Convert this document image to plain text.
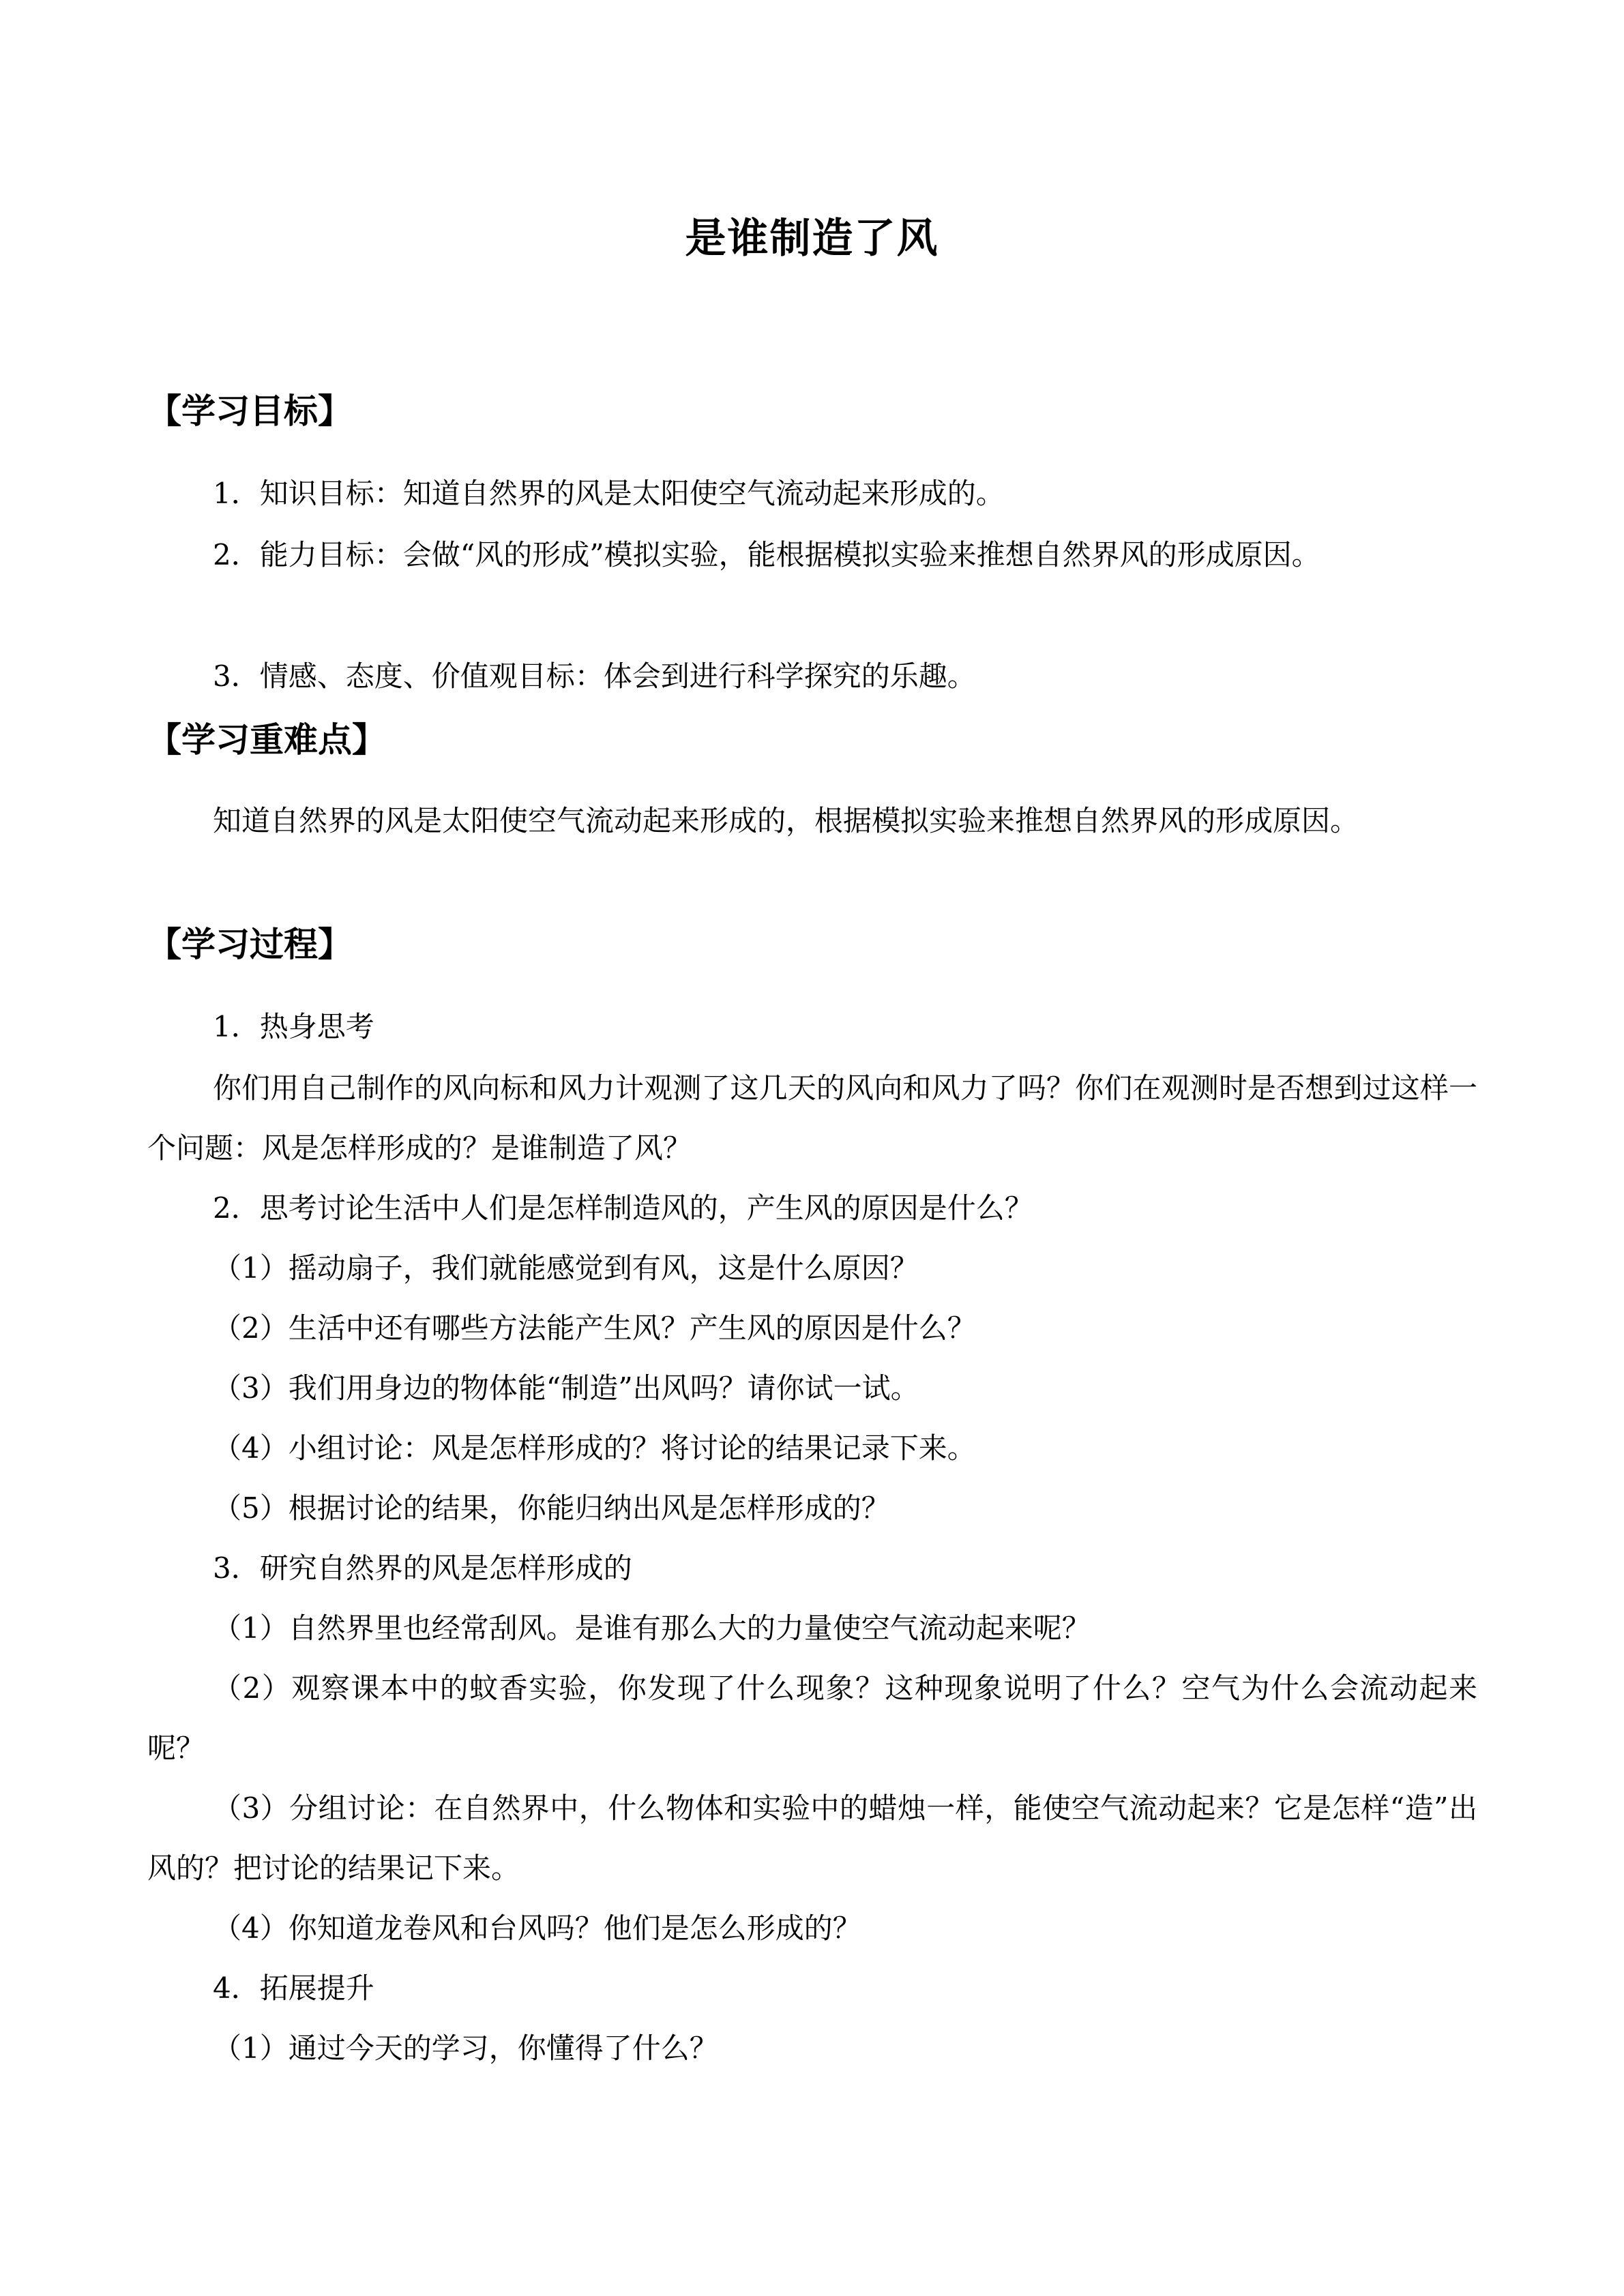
是谁制造了风
【学习目标】
1．知识目标：知道自然界的风是太阳使空气流动起来形成的。
2．能力目标：会做“风的形成”模拟实验，能根据模拟实验来推想自然界风的形成原因。
3．情感、态度、价值观目标：体会到进行科学探究的乐趣。
【学习重难点】
知道自然界的风是太阳使空气流动起来形成的，根据模拟实验来推想自然界风的形成原因。
【学习过程】
1．热身思考
你们用自己制作的风向标和风力计观测了这几天的风向和风力了吗？你们在观测时是否想到过这样一个问题：风是怎样形成的？是谁制造了风？
2．思考讨论生活中人们是怎样制造风的，产生风的原因是什么？
（1）摇动扇子，我们就能感觉到有风，这是什么原因？
（2）生活中还有哪些方法能产生风？产生风的原因是什么？
（3）我们用身边的物体能“制造”出风吗？请你试一试。
（4）小组讨论：风是怎样形成的？将讨论的结果记录下来。
（5）根据讨论的结果，你能归纳出风是怎样形成的？
3．研究自然界的风是怎样形成的
（1）自然界里也经常刮风。是谁有那么大的力量使空气流动起来呢？
（2）观察课本中的蚊香实验，你发现了什么现象？这种现象说明了什么？空气为什么会流动起来呢？
（3）分组讨论：在自然界中，什么物体和实验中的蜡烛一样，能使空气流动起来？它是怎样“造”出风的？把讨论的结果记下来。
（4）你知道龙卷风和台风吗？他们是怎么形成的？
4．拓展提升
（1）通过今天的学习，你懂得了什么？
